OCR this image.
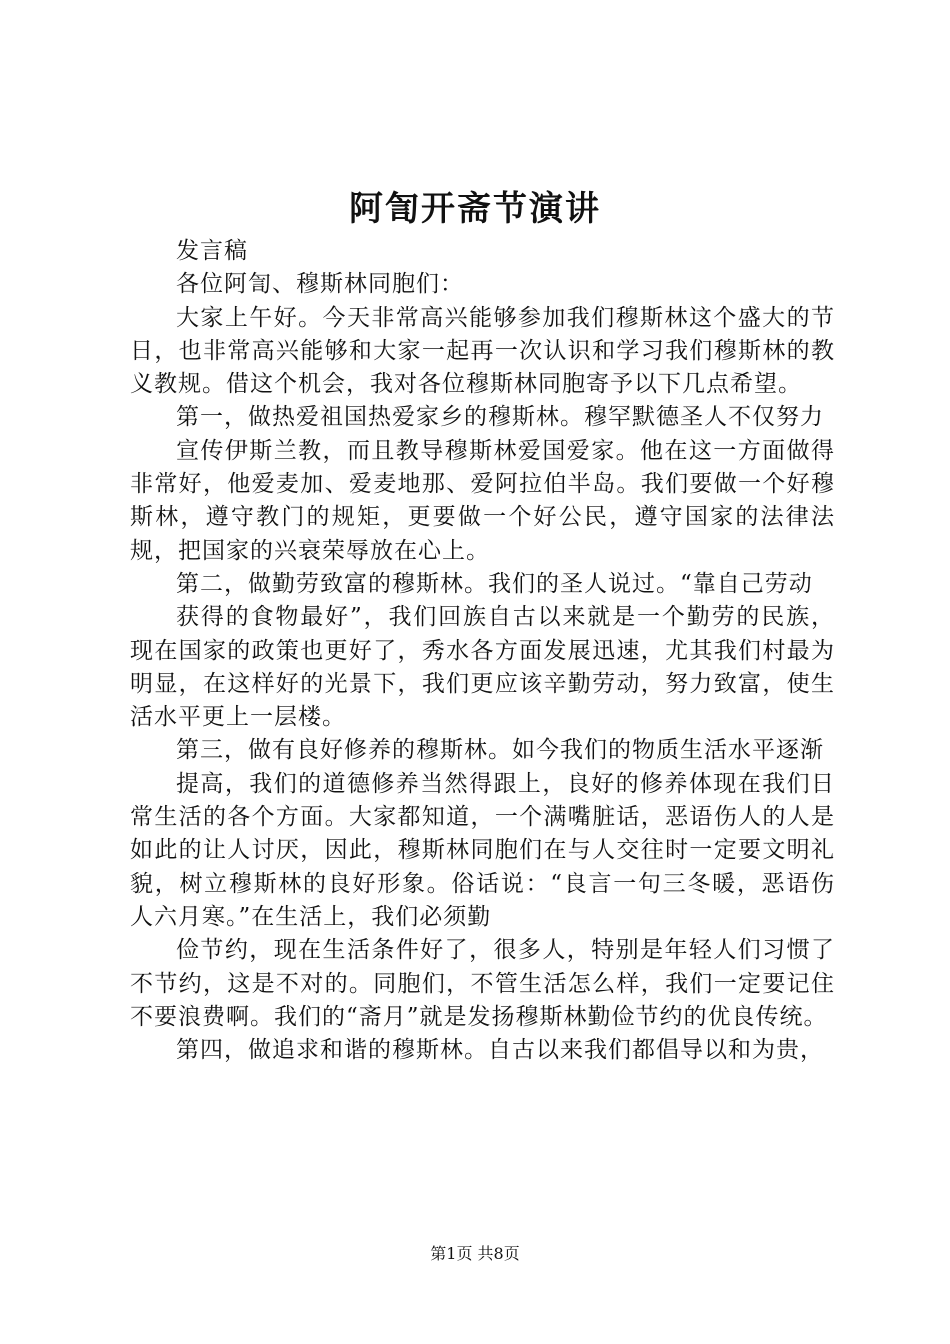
阿訇开斋节演讲

发言稿

各位阿訇、穆斯林同胞们：

大家上午好。今天非常高兴能够参加我们穆斯林这个盛大的节日，也非常高兴能够和大家一起再一次认识和学习我们穆斯林的教义教规。借这个机会，我对各位穆斯林同胞寄予以下几点希望。

第一，做热爱祖国热爱家乡的穆斯林。穆罕默德圣人不仅努力

宣传伊斯兰教，而且教导穆斯林爱国爱家。他在这一方面做得非常好，他爱麦加、爱麦地那、爱阿拉伯半岛。我们要做一个好穆斯林，遵守教门的规矩，更要做一个好公民，遵守国家的法律法规，把国家的兴衰荣辱放在心上。

第二，做勤劳致富的穆斯林。我们的圣人说过。“靠自己劳动

获得的食物最好”，我们回族自古以来就是一个勤劳的民族，现在国家的政策也更好了，秀水各方面发展迅速，尤其我们村最为明显，在这样好的光景下，我们更应该辛勤劳动，努力致富，使生活水平更上一层楼。

第三，做有良好修养的穆斯林。如今我们的物质生活水平逐渐

提高，我们的道德修养当然得跟上，良好的修养体现在我们日常生活的各个方面。大家都知道，一个满嘴脏话，恶语伤人的人是如此的让人讨厌，因此，穆斯林同胞们在与人交往时一定要文明礼貌，树立穆斯林的良好形象。俗话说：“良言一句三冬暖，恶语伤人六月寒。”在生活上，我们必须勤

俭节约，现在生活条件好了，很多人，特别是年轻人们习惯了不节约，这是不对的。同胞们，不管生活怎么样，我们一定要记住不要浪费啊。我们的“斋月”就是发扬穆斯林勤俭节约的优良传统。

第四，做追求和谐的穆斯林。自古以来我们都倡导以和为贵，

第1页 共8页
